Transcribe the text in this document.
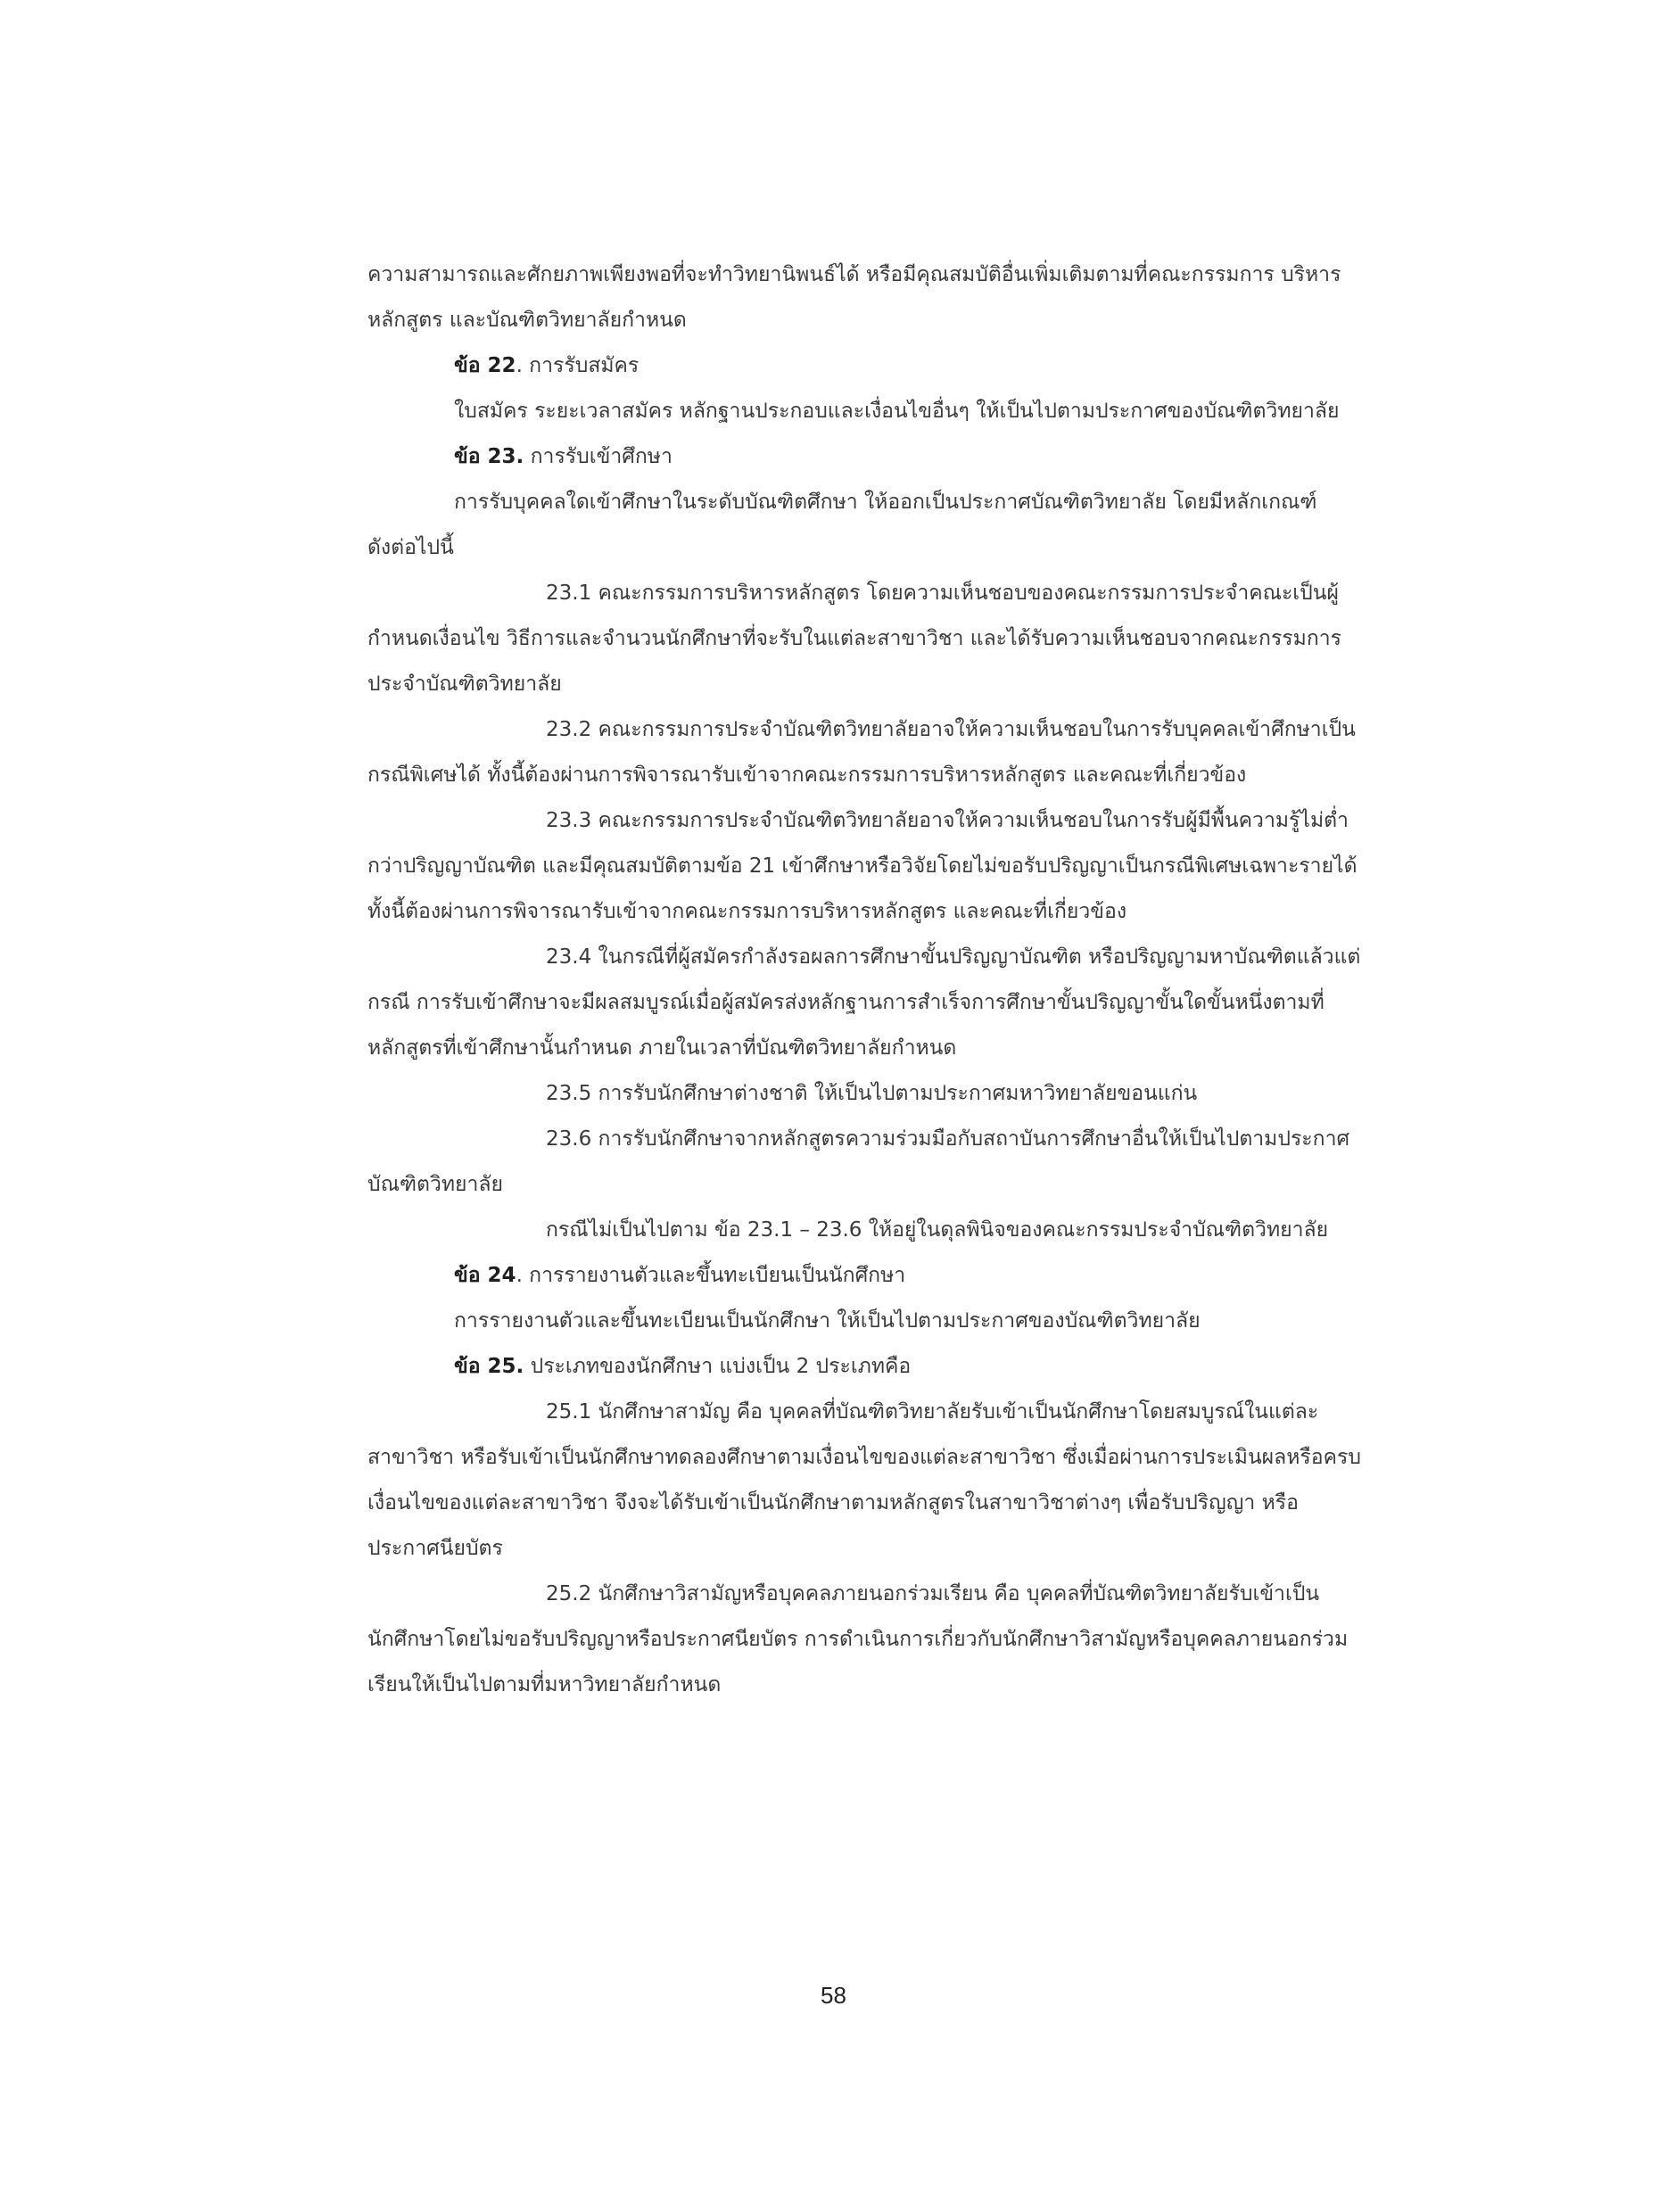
ความสามารถและศักยภาพเพียงพอที่จะทำวิทยานิพนธ์ได้ หรือมีคุณสมบัติอื่นเพิ่มเติมตามที่คณะกรรมการ บริหาร
หลักสูตร และบัณฑิตวิทยาลัยกำหนด
ข้อ 22. การรับสมัคร
ใบสมัคร ระยะเวลาสมัคร หลักฐานประกอบและเงื่อนไขอื่นๆ ให้เป็นไปตามประกาศของบัณฑิตวิทยาลัย
ข้อ 23. การรับเข้าศึกษา
การรับบุคคลใดเข้าศึกษาในระดับบัณฑิตศึกษา ให้ออกเป็นประกาศบัณฑิตวิทยาลัย โดยมีหลักเกณฑ์
ดังต่อไปนี้
23.1 คณะกรรมการบริหารหลักสูตร โดยความเห็นชอบของคณะกรรมการประจำคณะเป็นผู้
กำหนดเงื่อนไข วิธีการและจำนวนนักศึกษาที่จะรับในแต่ละสาขาวิชา และได้รับความเห็นชอบจากคณะกรรมการ
ประจำบัณฑิตวิทยาลัย
23.2 คณะกรรมการประจำบัณฑิตวิทยาลัยอาจให้ความเห็นชอบในการรับบุคคลเข้าศึกษาเป็น
กรณีพิเศษได้ ทั้งนี้ต้องผ่านการพิจารณารับเข้าจากคณะกรรมการบริหารหลักสูตร และคณะที่เกี่ยวข้อง
23.3 คณะกรรมการประจำบัณฑิตวิทยาลัยอาจให้ความเห็นชอบในการรับผู้มีพื้นความรู้ไม่ต่ำ
กว่าปริญญาบัณฑิต และมีคุณสมบัติตามข้อ 21 เข้าศึกษาหรือวิจัยโดยไม่ขอรับปริญญาเป็นกรณีพิเศษเฉพาะรายได้
ทั้งนี้ต้องผ่านการพิจารณารับเข้าจากคณะกรรมการบริหารหลักสูตร และคณะที่เกี่ยวข้อง
23.4 ในกรณีที่ผู้สมัครกำลังรอผลการศึกษาขั้นปริญญาบัณฑิต หรือปริญญามหาบัณฑิตแล้วแต่
กรณี การรับเข้าศึกษาจะมีผลสมบูรณ์เมื่อผู้สมัครส่งหลักฐานการสำเร็จการศึกษาขั้นปริญญาขั้นใดขั้นหนึ่งตามที่
หลักสูตรที่เข้าศึกษานั้นกำหนด ภายในเวลาที่บัณฑิตวิทยาลัยกำหนด
23.5 การรับนักศึกษาต่างชาติ ให้เป็นไปตามประกาศมหาวิทยาลัยขอนแก่น
23.6 การรับนักศึกษาจากหลักสูตรความร่วมมือกับสถาบันการศึกษาอื่นให้เป็นไปตามประกาศ
บัณฑิตวิทยาลัย
กรณีไม่เป็นไปตาม ข้อ 23.1 – 23.6 ให้อยู่ในดุลพินิจของคณะกรรมประจำบัณฑิตวิทยาลัย
ข้อ 24. การรายงานตัวและขึ้นทะเบียนเป็นนักศึกษา
การรายงานตัวและขึ้นทะเบียนเป็นนักศึกษา ให้เป็นไปตามประกาศของบัณฑิตวิทยาลัย
ข้อ 25. ประเภทของนักศึกษา แบ่งเป็น 2 ประเภทคือ
25.1 นักศึกษาสามัญ คือ บุคคลที่บัณฑิตวิทยาลัยรับเข้าเป็นนักศึกษาโดยสมบูรณ์ในแต่ละ
สาขาวิชา หรือรับเข้าเป็นนักศึกษาทดลองศึกษาตามเงื่อนไขของแต่ละสาขาวิชา ซึ่งเมื่อผ่านการประเมินผลหรือครบ
เงื่อนไขของแต่ละสาขาวิชา จึงจะได้รับเข้าเป็นนักศึกษาตามหลักสูตรในสาขาวิชาต่างๆ เพื่อรับปริญญา หรือ
ประกาศนียบัตร
25.2 นักศึกษาวิสามัญหรือบุคคลภายนอกร่วมเรียน คือ บุคคลที่บัณฑิตวิทยาลัยรับเข้าเป็น
นักศึกษาโดยไม่ขอรับปริญญาหรือประกาศนียบัตร การดำเนินการเกี่ยวกับนักศึกษาวิสามัญหรือบุคคลภายนอกร่วม
เรียนให้เป็นไปตามที่มหาวิทยาลัยกำหนด
58
